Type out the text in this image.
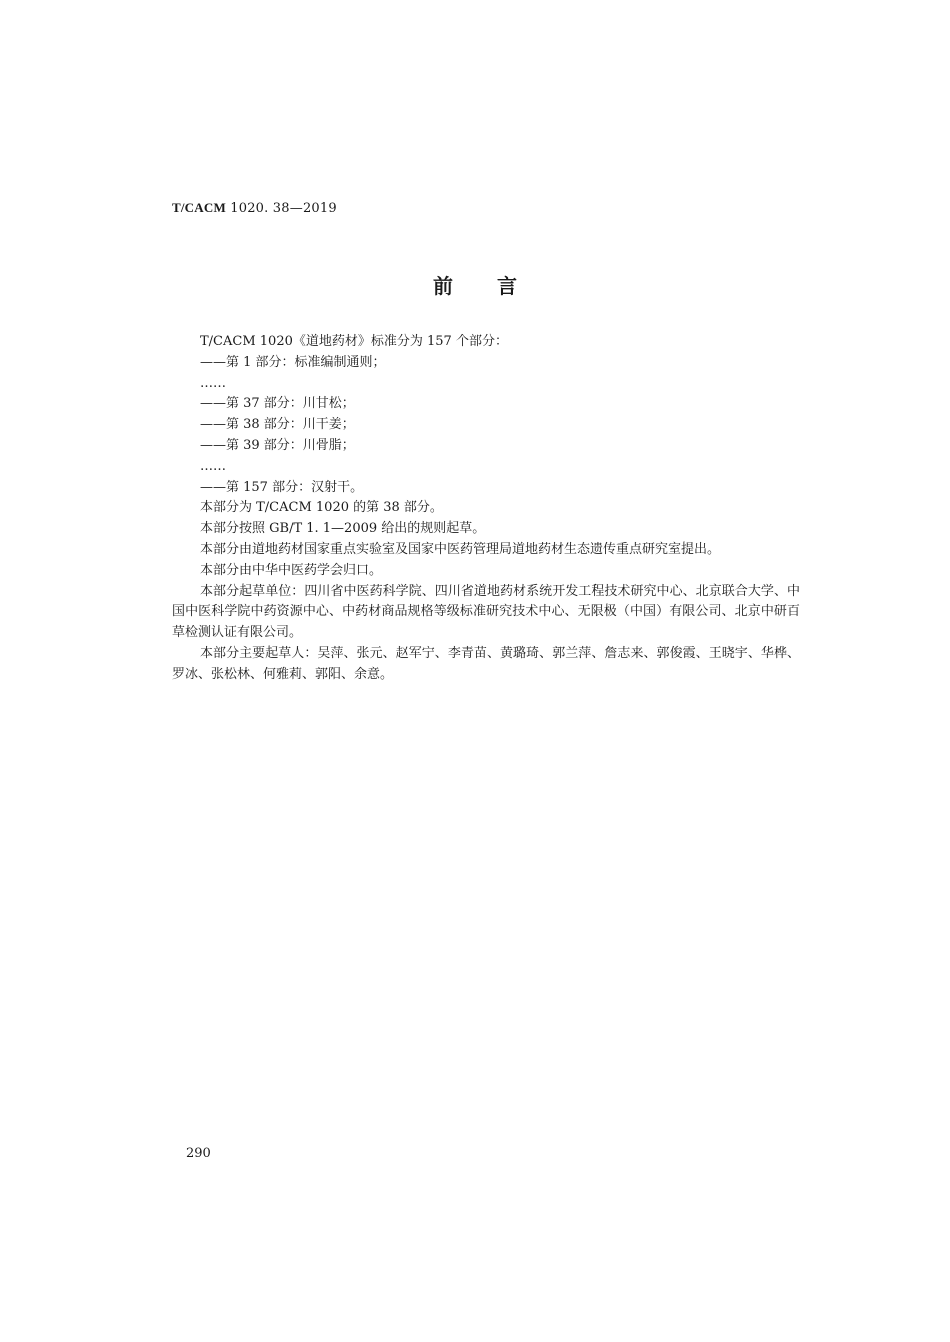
T/CACM 1020. 38—2019
前言
T/CACM 1020《道地药材》标准分为 157 个部分：
——第 1 部分：标准编制通则；
……
——第 37 部分：川甘松；
——第 38 部分：川干姜；
——第 39 部分：川骨脂；
……
——第 157 部分：汉射干。
本部分为 T/CACM 1020 的第 38 部分。
本部分按照 GB/T 1. 1—2009 给出的规则起草。
本部分由道地药材国家重点实验室及国家中医药管理局道地药材生态遗传重点研究室提出。
本部分由中华中医药学会归口。
本部分起草单位：四川省中医药科学院、四川省道地药材系统开发工程技术研究中心、北京联合大学、中国中医科学院中药资源中心、中药材商品规格等级标准研究技术中心、无限极（中国）有限公司、北京中研百草检测认证有限公司。
本部分主要起草人：吴萍、张元、赵军宁、李青苗、黄璐琦、郭兰萍、詹志来、郭俊霞、王晓宇、华桦、罗冰、张松林、何雅莉、郭阳、余意。
290
